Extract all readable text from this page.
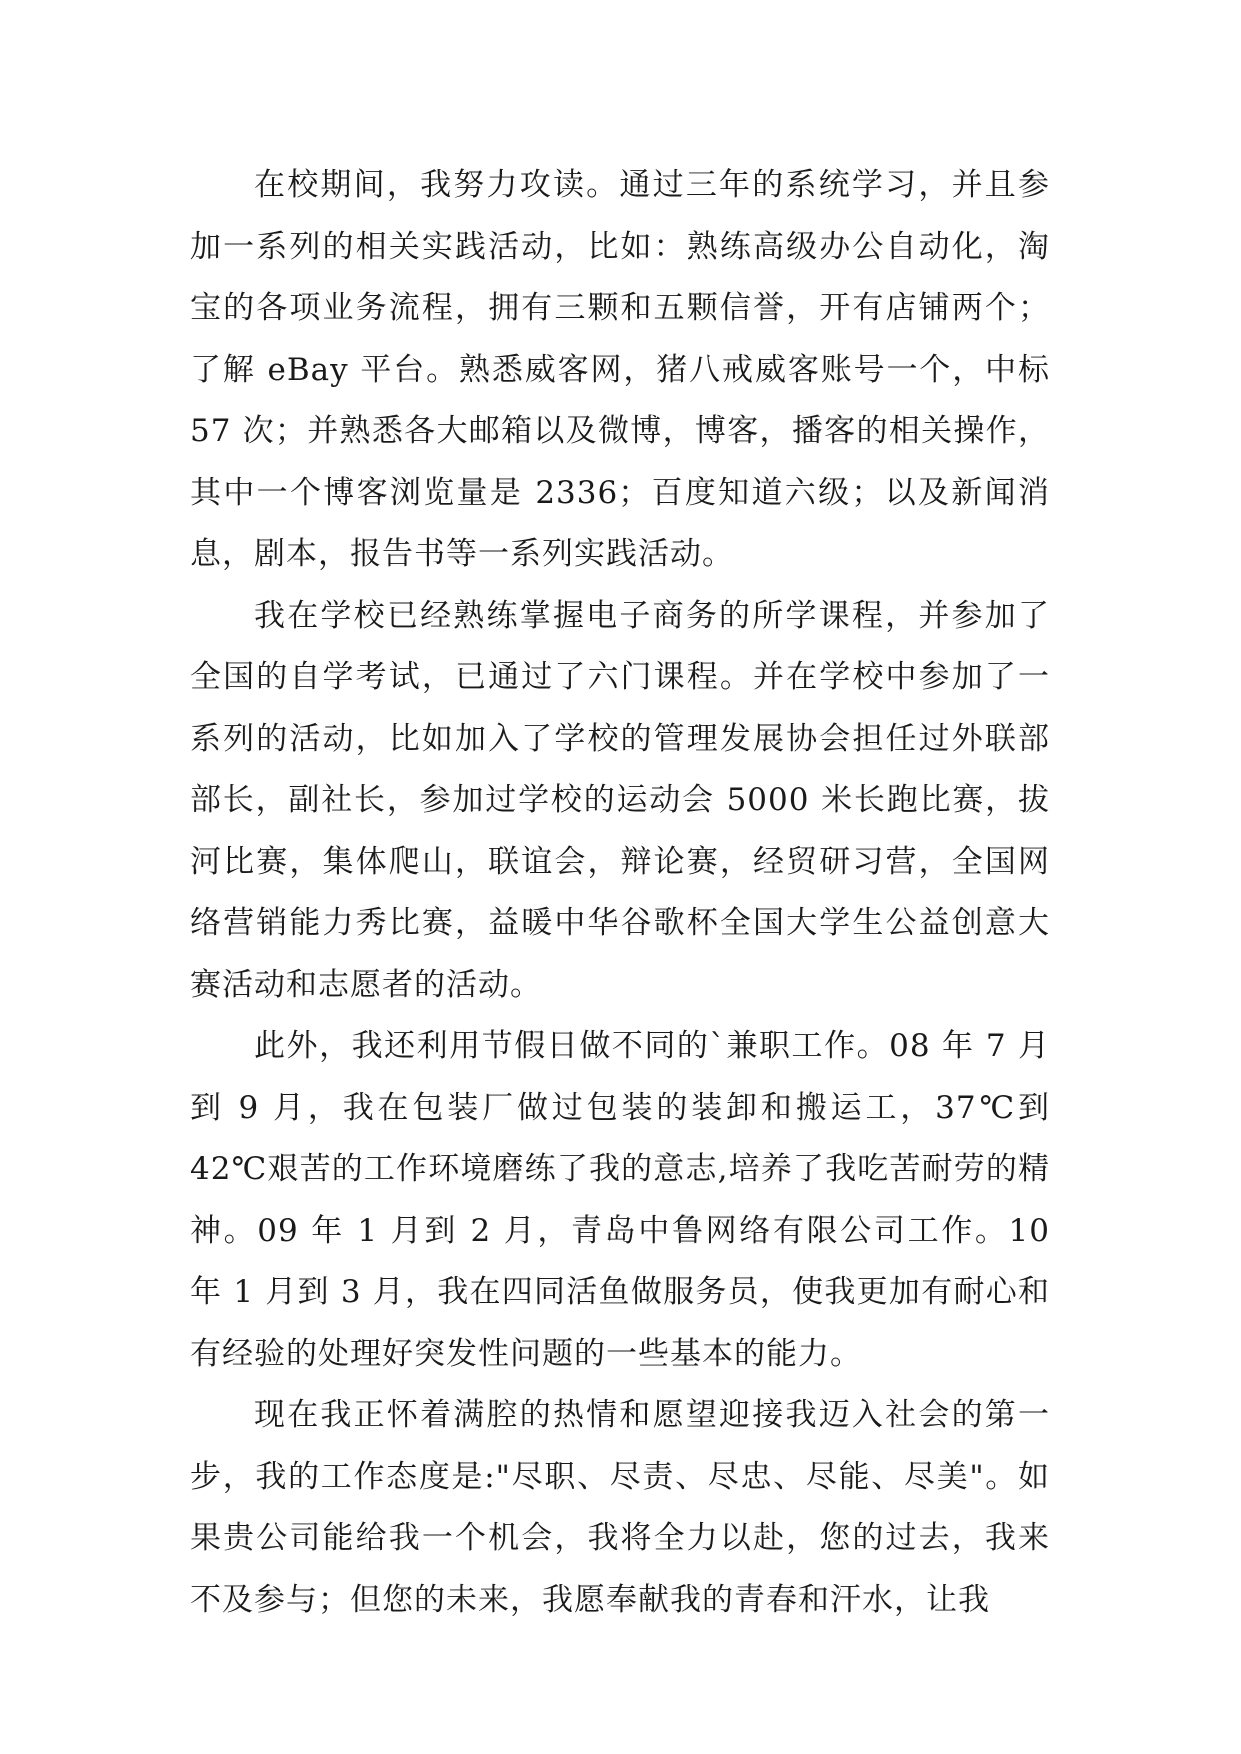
在校期间，我努力攻读。通过三年的系统学习，并且参加一系列的相关实践活动，比如：熟练高级办公自动化，淘宝的各项业务流程，拥有三颗和五颗信誉，开有店铺两个；了解 eBay 平台。熟悉威客网，猪八戒威客账号一个，中标 57 次；并熟悉各大邮箱以及微博，博客，播客的相关操作，其中一个博客浏览量是 2336；百度知道六级；以及新闻消息，剧本，报告书等一系列实践活动。

我在学校已经熟练掌握电子商务的所学课程，并参加了全国的自学考试，已通过了六门课程。并在学校中参加了一系列的活动，比如加入了学校的管理发展协会担任过外联部部长，副社长，参加过学校的运动会 5000 米长跑比赛，拔河比赛，集体爬山，联谊会，辩论赛，经贸研习营，全国网络营销能力秀比赛，益暖中华谷歌杯全国大学生公益创意大赛活动和志愿者的活动。

此外，我还利用节假日做不同的`兼职工作。08 年 7 月到 9 月，我在包装厂做过包装的装卸和搬运工，37℃到 42℃艰苦的工作环境磨练了我的意志,培养了我吃苦耐劳的精神。09 年 1 月到 2 月，青岛中鲁网络有限公司工作。10 年 1 月到 3 月，我在四同活鱼做服务员，使我更加有耐心和有经验的处理好突发性问题的一些基本的能力。

现在我正怀着满腔的热情和愿望迎接我迈入社会的第一步，我的工作态度是:"尽职、尽责、尽忠、尽能、尽美"。如果贵公司能给我一个机会，我将全力以赴，您的过去，我来不及参与；但您的未来，我愿奉献我的青春和汗水，让我
